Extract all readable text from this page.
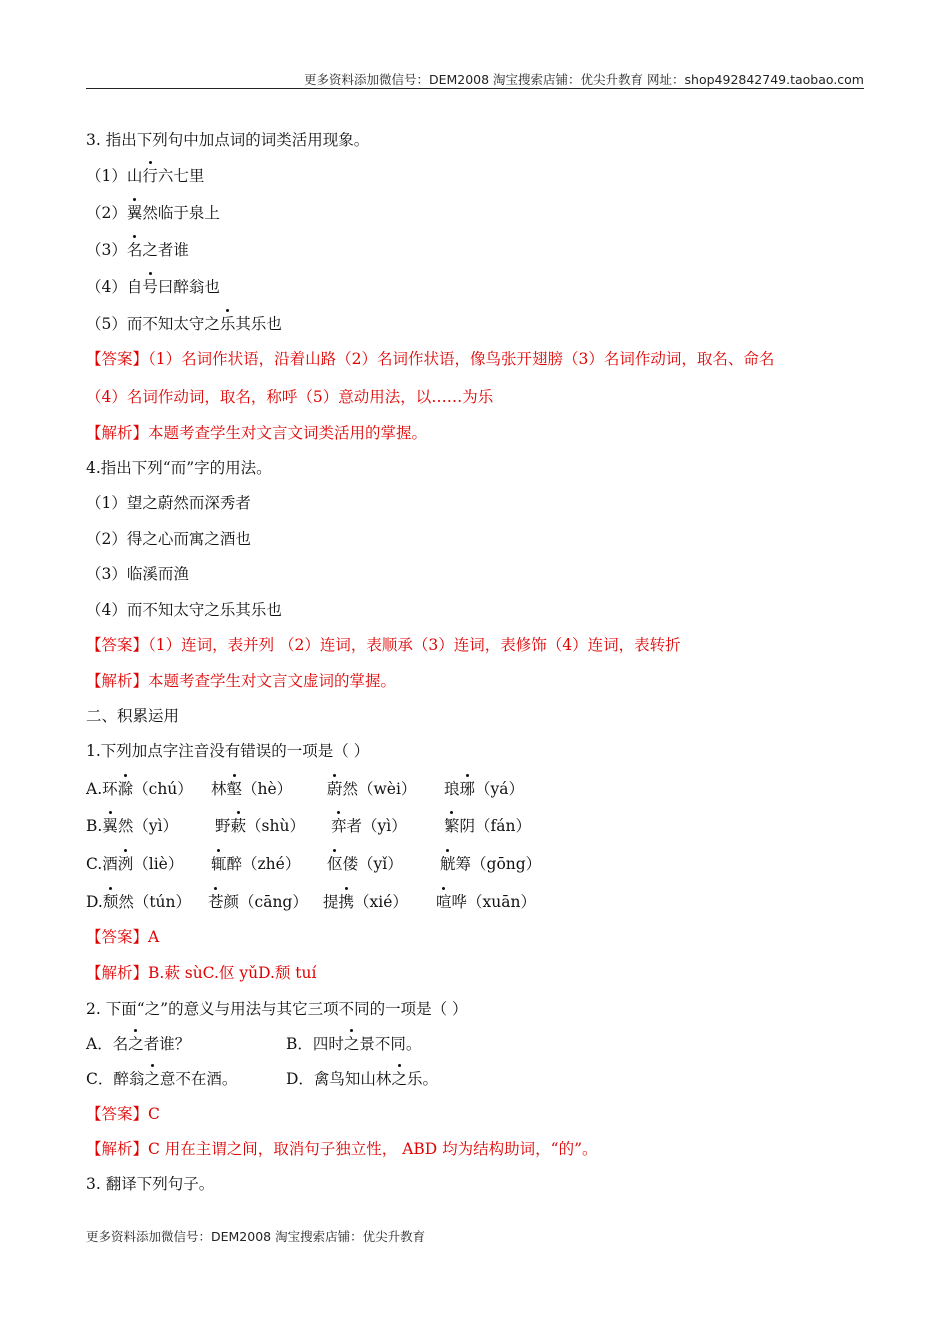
更多资料添加微信号：DEM2008 淘宝搜索店铺：优尖升教育 网址：shop492842749.taobao.com
3. 指出下列句中加点词的词类活用现象。
（1）山行六七里
（2）翼然临于泉上
（3）名之者谁
（4）自号曰醉翁也
（5）而不知太守之乐其乐也
【答案】（1）名词作状语，沿着山路（2）名词作状语，像鸟张开翅膀（3）名词作动词，取名、命名
（4）名词作动词，取名，称呼（5）意动用法，以……为乐
【解析】本题考查学生对文言文词类活用的掌握。
4.指出下列“而”字的用法。
（1）望之蔚然而深秀者
（2）得之心而寓之酒也
（3）临溪而渔
（4）而不知太守之乐其乐也
【答案】（1）连词，表并列 （2）连词，表顺承（3）连词，表修饰（4）连词，表转折
【解析】本题考查学生对文言文虚词的掌握。
二、积累运用
1.下列加点字注音没有错误的一项是（ ）
A.环滁（chú） 林壑（hè） 蔚然（wèi） 琅琊（yá）
B.翼然（yì） 野蔌（shù） 弈者（yì） 繁阴（fán）
C.酒洌（liè） 辄醉（zhé） 伛偻（yǐ） 觥筹（gōng）
D.颓然（tún） 苍颜（cāng） 提携（xié） 喧哗（xuān）
【答案】A
【解析】B.蔌 sùC.伛 yǔD.颓 tuí
2. 下面“之”的意义与用法与其它三项不同的一项是（ ）
A．名之者谁？	B．四时之景不同。
C．醉翁之意不在酒。	D．禽鸟知山林之乐。
【答案】C
【解析】C 用在主谓之间，取消句子独立性， ABD 均为结构助词，“的”。
3. 翻译下列句子。
更多资料添加微信号：DEM2008 淘宝搜索店铺：优尖升教育
